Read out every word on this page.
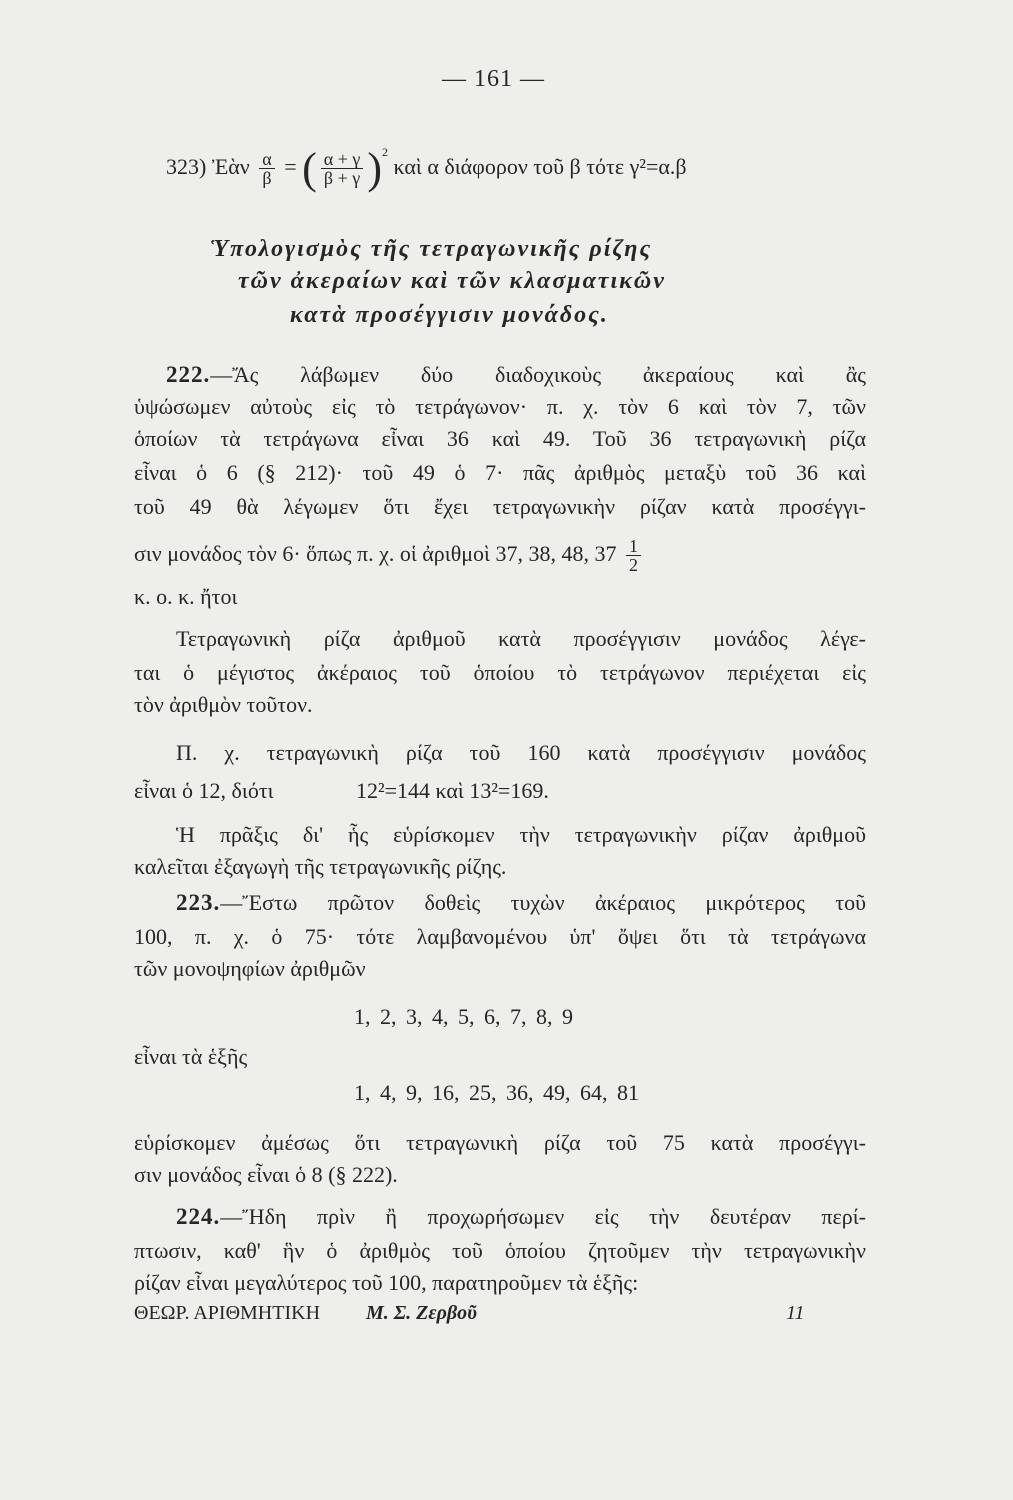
— 161 —
323) Ἐὰν $\frac{\alpha}{\beta}$ = ( $\frac{\alpha + \gamma}{\beta + \gamma} )^2$ καὶ α διάφορον τοῦ β τότε γ²=α.β
Ὑπολογισμὸς τῆς τετραγωνικῆς ρίζης
τῶν ἀκεραίων καὶ τῶν κλασματικῶν
κατὰ προσέγγισιν μονάδος.
222.—Ἄς λάβωμεν δύο διαδοχικοὺς ἀκεραίους καὶ ἂς
ὑψώσωμεν αὐτοὺς εἰς τὸ τετράγωνον· π. χ. τὸν 6 καὶ τὸν 7, τῶν
ὁποίων τὰ τετράγωνα εἶναι 36 καὶ 49. Τοῦ 36 τετραγωνικὴ ρίζα
εἶναι ὁ 6 (§ 212)· τοῦ 49 ὁ 7· πᾶς ἀριθμὸς μεταξὺ τοῦ 36 καὶ
τοῦ 49 θὰ λέγωμεν ὅτι ἔχει τετραγωνικὴν ρίζαν κατὰ προσέγγι-
σιν μονάδος τὸν 6· ὅπως π. χ. οἱ ἀριθμοὶ 37, 38, 48, $37 \frac{1}{2}$
κ. ο. κ. ἤτοι
Τετραγωνικὴ ρίζα ἀριθμοῦ κατὰ προσέγγισιν μονάδος λέγε-
ται ὁ μέγιστος ἀκέραιος τοῦ ὁποίου τὸ τετράγωνον περιέχεται εἰς
τὸν ἀριθμὸν τοῦτον.
Π. χ. τετραγωνικὴ ρίζα τοῦ 160 κατὰ προσέγγισιν μονάδος
εἶναι ὁ 12, διότι	12²=144 καὶ 13²=169.
Ἡ πρᾶξις δι' ἧς εὑρίσκομεν τὴν τετραγωνικὴν ρίζαν ἀριθμοῦ
καλεῖται ἐξαγωγὴ τῆς τετραγωνικῆς ρίζης.
223.—Ἔστω πρῶτον δοθεὶς τυχὼν ἀκέραιος μικρότερος τοῦ
100, π. χ. ὁ 75· τότε λαμβανομένου ὑπ' ὄψει ὅτι τὰ τετράγωνα
τῶν μονοψηφίων ἀριθμῶν
1, 2, 3, 4, 5, 6, 7, 8, 9
εἶναι τὰ ἑξῆς
1, 4, 9, 16, 25, 36, 49, 64, 81
εὑρίσκομεν ἀμέσως ὅτι τετραγωνικὴ ρίζα τοῦ 75 κατὰ προσέγγι-
σιν μονάδος εἶναι ὁ 8 (§ 222).
224.—Ἤδη πρὶν ἢ προχωρήσωμεν εἰς τὴν δευτέραν περί-
πτωσιν, καθ' ἣν ὁ ἀριθμὸς τοῦ ὁποίου ζητοῦμεν τὴν τετραγωνικὴν
ρίζαν εἶναι μεγαλύτερος τοῦ 100, παρατηροῦμεν τὰ ἑξῆς:
ΘΕΩΡ. ΑΡΙΘΜΗΤΙΚΗ Μ. Σ. Ζερβοῦ	11
